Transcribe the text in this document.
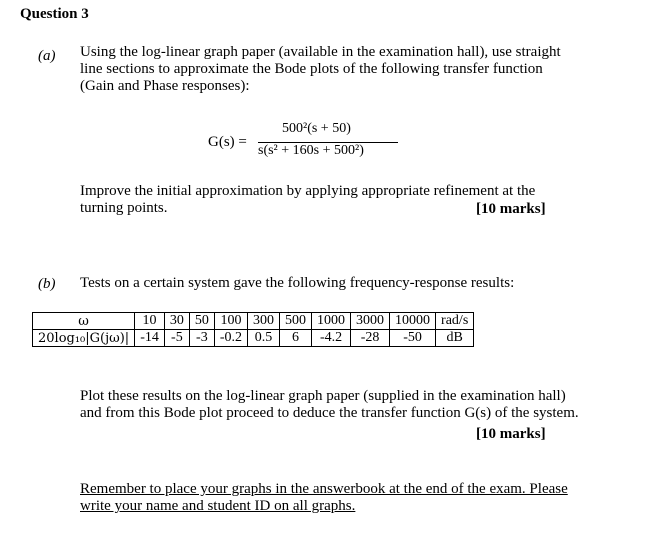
Question 3
(a) Using the log-linear graph paper (available in the examination hall), use straight line sections to approximate the Bode plots of the following transfer function (Gain and Phase responses):
G(s) =
500²(s + 50)
s(s² + 160s + 500²)
Improve the initial approximation by applying appropriate refinement at the turning points.	[10 marks]
(b) Tests on a certain system gave the following frequency-response results:
ω	10	30	50	100	300	500	1000	3000	10000	rad/s
20log₁₀|G(jω)|	-14	-5	-3	-0.2	0.5	6	-4.2	-28	-50	dB
Plot these results on the log-linear graph paper (supplied in the examination hall) and from this Bode plot proceed to deduce the transfer function G(s) of the system.
[10 marks]
Remember to place your graphs in the answerbook at the end of the exam. Please write your name and student ID on all graphs.
